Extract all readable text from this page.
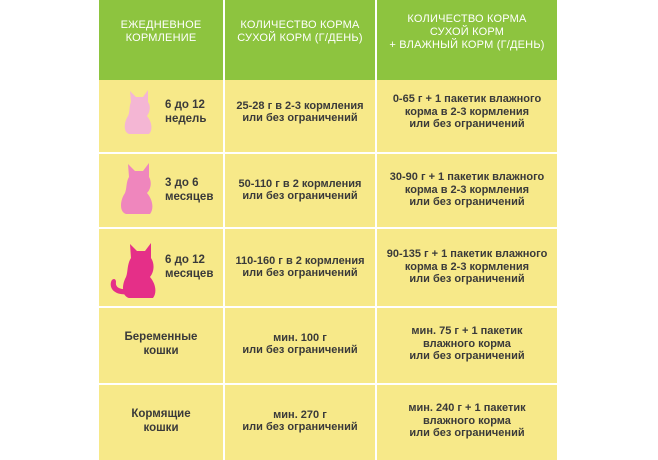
ЕЖЕДНЕВНОЕ
КОРМЛЕНИЕ
КОЛИЧЕСТВО КОРМА
СУХОЙ КОРМ (Г/ДЕНЬ)
КОЛИЧЕСТВО КОРМА
СУХОЙ КОРМ
+ ВЛАЖНЫЙ КОРМ (Г/ДЕНЬ)
6 до 12
недель
25-28 г в 2-3 кормления
или без ограничений
0-65 г + 1 пакетик влажного
корма в 2-3 кормления
или без ограничений
3 до 6
месяцев
50-110 г в 2 кормления
или без ограничений
30-90 г + 1 пакетик влажного
корма в 2-3 кормления
или без ограничений
6 до 12
месяцев
110-160 г в 2 кормления
или без ограничений
90-135 г + 1 пакетик влажного
корма в 2-3 кормления
или без ограничений
Беременные
кошки
мин. 100 г
или без ограничений
мин. 75 г + 1 пакетик
влажного корма
или без ограничений
Кормящие
кошки
мин. 270 г
или без ограничений
мин. 240 г + 1 пакетик
влажного корма
или без ограничений
